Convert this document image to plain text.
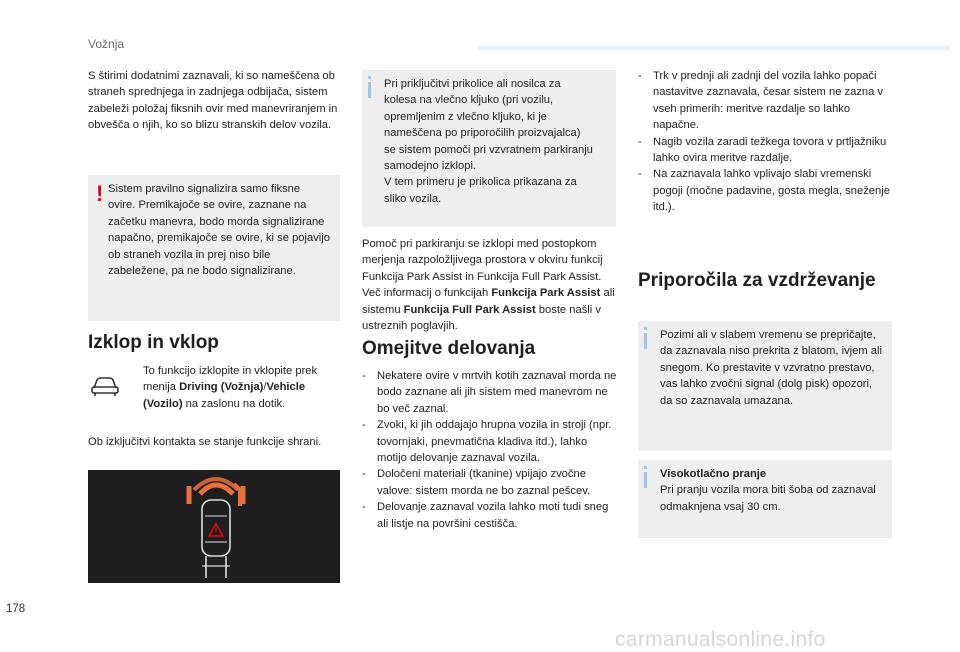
Vožnja
S štirimi dodatnimi zaznavali, ki so nameščena ob straneh sprednjega in zadnjega odbijača, sistem zabeleži položaj fiksnih ovir med manevriranjem in obvešča o njih, ko so blizu stranskih delov vozila.
! Sistem pravilno signalizira samo fiksne ovire. Premikajoče se ovire, zaznane na začetku manevra, bodo morda signalizirane napačno, premikajoče se ovire, ki se pojavijo ob straneh vozila in prej niso bile zabeležene, pa ne bodo signalizirane.
Izklop in vklop
To funkcijo izklopite in vklopite prek menija Driving (Vožnja)/Vehicle (Vozilo) na zaslonu na dotik.
Ob izključitvi kontakta se stanje funkcije shrani.
Pri priključitvi prikolice ali nosilca za
kolesa na vlečno kljuko (pri vozilu,
opremljenim z vlečno kljuko, ki je
nameščena po priporočilih proizvajalca)
se sistem pomoči pri vzvratnem parkiranju
samodejno izklopi.
V tem primeru je prikolica prikazana za
sliko vozila.
Pomoč pri parkiranju se izklopi med postopkom merjenja razpoložljivega prostora v okviru funkcij Funkcija Park Assist in Funkcija Full Park Assist. Več informacij o funkcijah Funkcija Park Assist ali sistemu Funkcija Full Park Assist boste našli v ustreznih poglavjih.
Omejitve delovanja
- Nekatere ovire v mrtvih kotih zaznaval morda ne bodo zaznane ali jih sistem med manevrom ne bo več zaznal.
- Zvoki, ki jih oddajajo hrupna vozila in stroji (npr. tovornjaki, pnevmatična kladiva itd.), lahko motijo delovanje zaznaval vozila.
- Določeni materiali (tkanine) vpijajo zvočne valove: sistem morda ne bo zaznal pešcev.
- Delovanje zaznaval vozila lahko moti tudi sneg ali listje na površini cestišča.
- Trk v prednji ali zadnji del vozila lahko popači nastavitve zaznavala, česar sistem ne zazna v vseh primerih: meritve razdalje so lahko napačne.
- Nagib vozila zaradi težkega tovora v prtljažniku lahko ovira meritve razdalje.
- Na zaznavala lahko vplivajo slabi vremenski pogoji (močne padavine, gosta megla, sneženje itd.).
Priporočila za vzdrževanje
Pozimi ali v slabem vremenu se prepričajte, da zaznavala niso prekrita z blatom, ivjem ali snegom. Ko prestavite v vzvratno prestavo, vas lahko zvočni signal (dolg pisk) opozori, da so zaznavala umazana.
Visokotlačno pranje
Pri pranju vozila mora biti šoba od zaznaval odmaknjena vsaj 30 cm.
178
carmanualsonline.info
